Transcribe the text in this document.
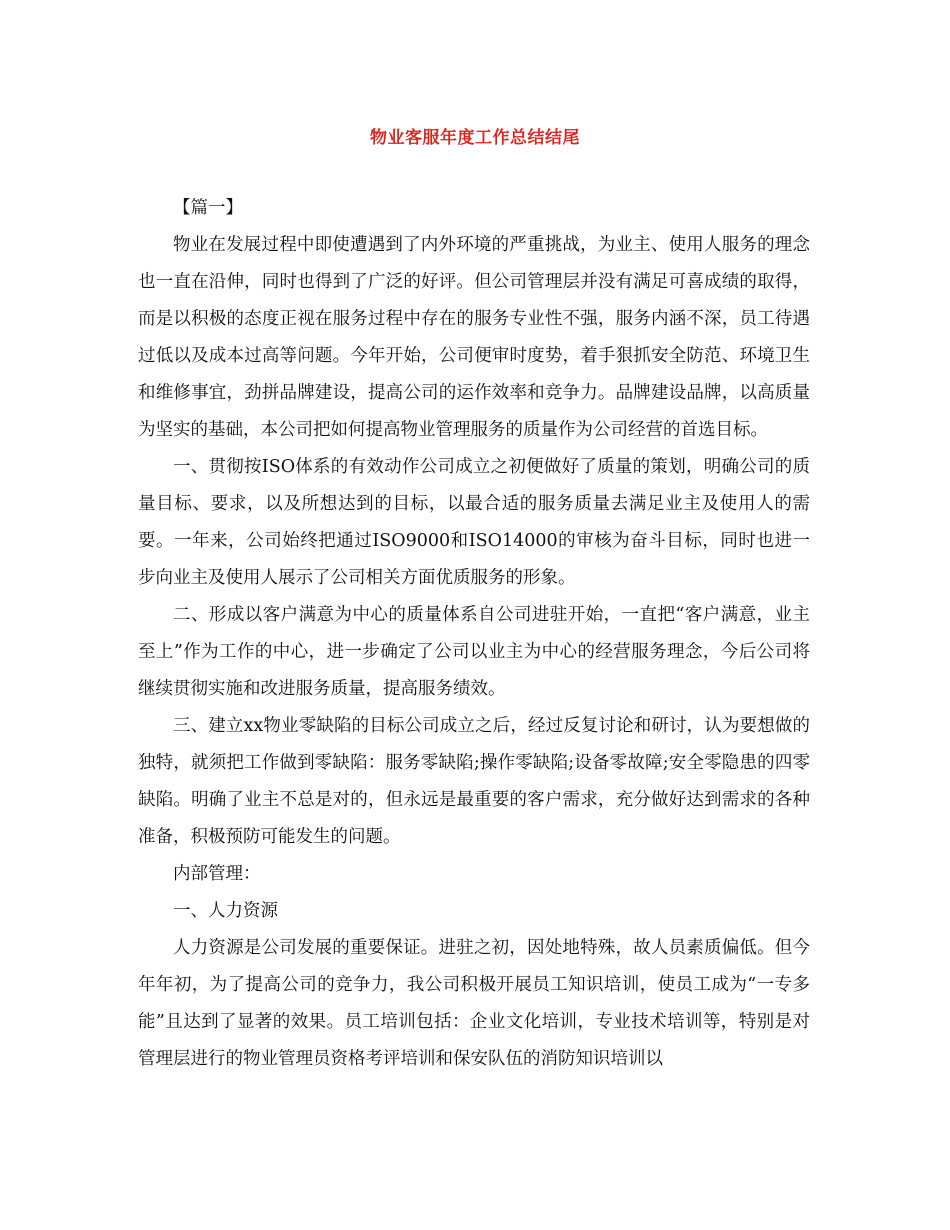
物业客服年度工作总结结尾

【篇一】

物业在发展过程中即使遭遇到了内外环境的严重挑战，为业主、使用人服务的理念也一直在沿伸，同时也得到了广泛的好评。但公司管理层并没有满足可喜成绩的取得，而是以积极的态度正视在服务过程中存在的服务专业性不强，服务内涵不深，员工待遇过低以及成本过高等问题。今年开始，公司便审时度势，着手狠抓安全防范、环境卫生和维修事宜，劲拼品牌建设，提高公司的运作效率和竞争力。品牌建设品牌，以高质量为坚实的基础，本公司把如何提高物业管理服务的质量作为公司经营的首选目标。

一、贯彻按ISO体系的有效动作公司成立之初便做好了质量的策划，明确公司的质量目标、要求，以及所想达到的目标，以最合适的服务质量去满足业主及使用人的需要。一年来，公司始终把通过ISO9000和ISO14000的审核为奋斗目标，同时也进一步向业主及使用人展示了公司相关方面优质服务的形象。

二、形成以客户满意为中心的质量体系自公司进驻开始，一直把“客户满意，业主至上”作为工作的中心，进一步确定了公司以业主为中心的经营服务理念，今后公司将继续贯彻实施和改进服务质量，提高服务绩效。

三、建立xx物业零缺陷的目标公司成立之后，经过反复讨论和研讨，认为要想做的独特，就须把工作做到零缺陷：服务零缺陷;操作零缺陷;设备零故障;安全零隐患的四零缺陷。明确了业主不总是对的，但永远是最重要的客户需求，充分做好达到需求的各种准备，积极预防可能发生的问题。

内部管理：

一、人力资源

人力资源是公司发展的重要保证。进驻之初，因处地特殊，故人员素质偏低。但今年年初，为了提高公司的竞争力，我公司积极开展员工知识培训，使员工成为“一专多能”且达到了显著的效果。员工培训包括：企业文化培训，专业技术培训等，特别是对管理层进行的物业管理员资格考评培训和保安队伍的消防知识培训以
